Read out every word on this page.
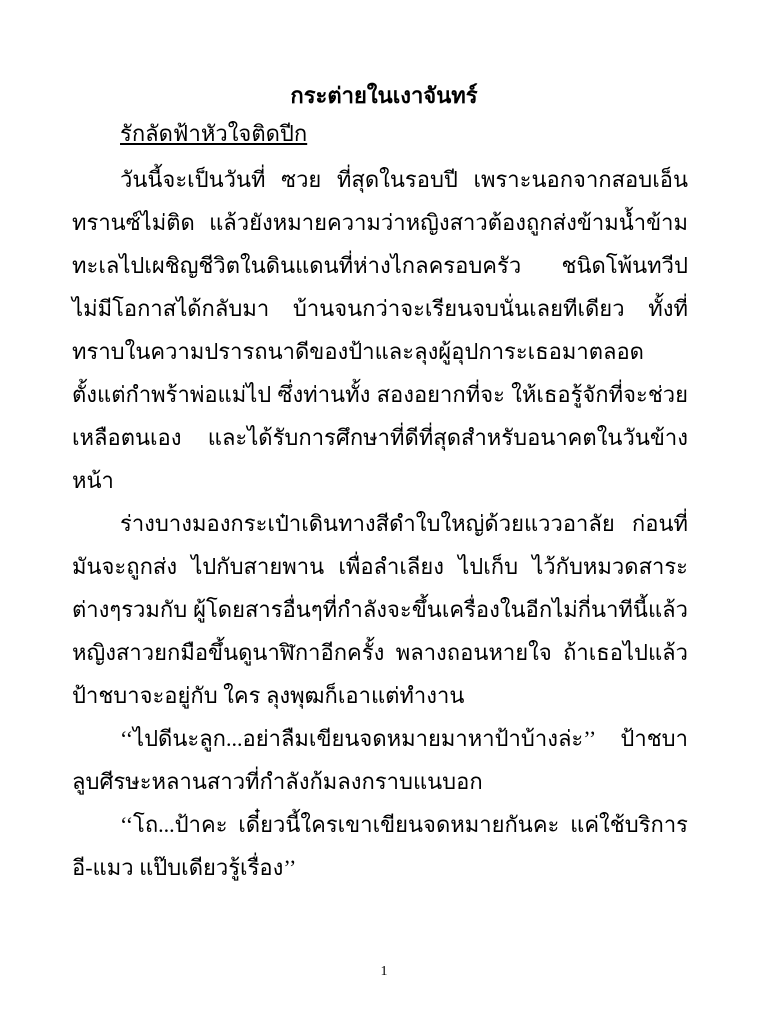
กระต่ายในเงาจันทร์
รักลัดฟ้าหัวใจติดปีก

วันนี้จะเป็นวันที่ ซวย ที่สุดในรอบปี เพราะนอกจากสอบเอ็นทรานซ์ไม่ติด แล้วยังหมายความว่าหญิงสาวต้องถูกส่งข้ามน้ำข้ามทะเลไปเผชิญชีวิตในดินแดนที่ห่างไกลครอบครัว ชนิดโพ้นทวีปไม่มีโอกาสได้กลับมา บ้านจนกว่าจะเรียนจบนั่นเลยทีเดียว ทั้งที่ทราบในความปรารถนาดีของป้าและลุงผู้อุปการะเธอมาตลอดตั้งแต่กำพร้าพ่อแม่ไป ซึ่งท่านทั้ง สองอยากที่จะ ให้เธอรู้จักที่จะช่วยเหลือตนเอง และได้รับการศึกษาที่ดีที่สุดสำหรับอนาคตในวันข้างหน้า

ร่างบางมองกระเป๋าเดินทางสีดำใบใหญ่ด้วยแววอาลัย ก่อนที่มันจะถูกส่ง ไปกับสายพาน เพื่อลำเลียง ไปเก็บ ไว้กับหมวดสาระต่างๆรวมกับ ผู้โดยสารอื่นๆที่กำลังจะขึ้นเครื่องในอีกไม่กี่นาทีนี้แล้ว หญิงสาวยกมือขึ้นดูนาฬิกาอีกครั้ง พลางถอนหายใจ ถ้าเธอไปแล้วป้าชบาจะอยู่กับ ใคร ลุงพุฒก็เอาแต่ทำงาน

‘‘ไปดีนะลูก...อย่าลืมเขียนจดหมายมาหาป้าบ้างล่ะ’’ ป้าชบาลูบศีรษะหลานสาวที่กำลังก้มลงกราบแนบอก

‘‘โถ...ป้าคะ เดี๋ยวนี้ใครเขาเขียนจดหมายกันคะ แค่ใช้บริการอี-แมว แป๊บเดียวรู้เรื่อง’’

1
